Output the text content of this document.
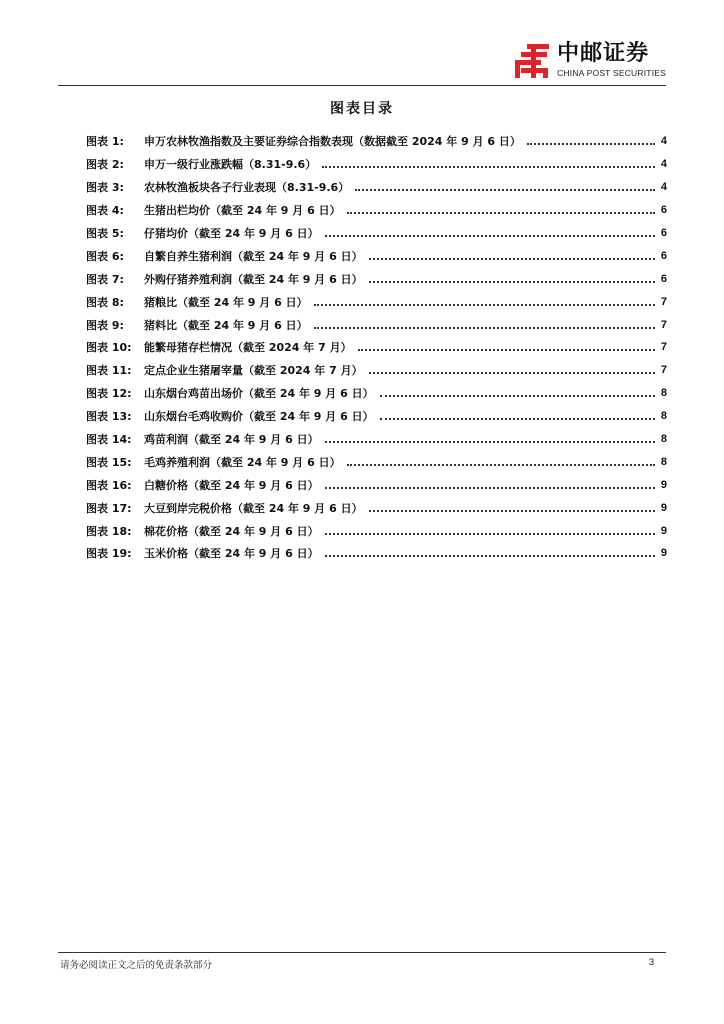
中邮证券
CHINA POST SECURITIES
图表目录
图表 1:	申万农林牧渔指数及主要证券综合指数表现（数据截至 2024 年 9 月 6 日）	4
图表 2:	申万一级行业涨跌幅（8.31-9.6）	4
图表 3:	农林牧渔板块各子行业表现（8.31-9.6）	4
图表 4:	生猪出栏均价（截至 24 年 9 月 6 日）	6
图表 5:	仔猪均价（截至 24 年 9 月 6 日）	6
图表 6:	自繁自养生猪利润（截至 24 年 9 月 6 日）	6
图表 7:	外购仔猪养殖利润（截至 24 年 9 月 6 日）	6
图表 8:	猪粮比（截至 24 年 9 月 6 日）	7
图表 9:	猪料比（截至 24 年 9 月 6 日）	7
图表 10:	能繁母猪存栏情况（截至 2024 年 7 月）	7
图表 11:	定点企业生猪屠宰量（截至 2024 年 7 月）	7
图表 12:	山东烟台鸡苗出场价（截至 24 年 9 月 6 日）	8
图表 13:	山东烟台毛鸡收购价（截至 24 年 9 月 6 日）	8
图表 14:	鸡苗利润（截至 24 年 9 月 6 日）	8
图表 15:	毛鸡养殖利润（截至 24 年 9 月 6 日）	8
图表 16:	白糖价格（截至 24 年 9 月 6 日）	9
图表 17:	大豆到岸完税价格（截至 24 年 9 月 6 日）	9
图表 18:	棉花价格（截至 24 年 9 月 6 日）	9
图表 19:	玉米价格（截至 24 年 9 月 6 日）	9
请务必阅读正文之后的免责条款部分	3
